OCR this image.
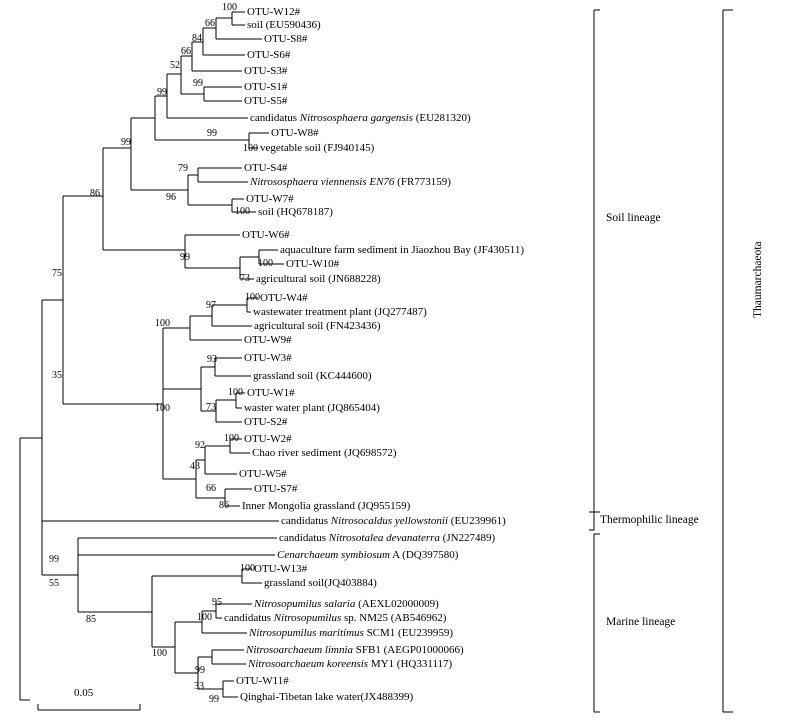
OTU-W12#
soil (EU590436)
OTU-S8#
OTU-S6#
OTU-S3#
OTU-S1#
OTU-S5#
candidatus Nitrososphaera gargensis (EU281320)
OTU-W8#
vegetable soil (FJ940145)
OTU-S4#
Nitrososphaera viennensis EN76 (FR773159)
OTU-W7#
soil (HQ678187)
OTU-W6#
aquaculture farm sediment in Jiaozhou Bay (JF430511)
OTU-W10#
agricultural soil (JN688228)
OTU-W4#
wastewater treatment plant (JQ277487)
agricultural soil (FN423436)
OTU-W9#
OTU-W3#
grassland soil (KC444600)
OTU-W1#
waster water plant (JQ865404)
OTU-S2#
OTU-W2#
Chao river sediment (JQ698572)
OTU-W5#
OTU-S7#
Inner Mongolia grassland (JQ955159)
candidatus Nitrosocaldus yellowstonii (EU239961)
candidatus Nitrosotalea devanaterra (JN227489)
Cenarchaeum symbiosum A (DQ397580)
OTU-W13#
grassland soil(JQ403884)
Nitrosopumilus salaria (AEXL02000009)
candidatus Nitrosopumilus sp. NM25 (AB546962)
Nitrosopumilus maritimus SCM1 (EU239959)
Nitrosoarchaeum limnia SFB1 (AEGP01000066)
Nitrosoarchaeum koreensis MY1 (HQ331117)
OTU-W11#
Qinghai-Tibetan lake water(JX488399)
100
66
84
66
52
99
99
99
100
99
79
96
100
86
99
100
73
75
100
97
100
93
100
100	73
35
92
100
43
66
86
99
55
100
85
95
100
100
99
33
99
Soil lineage
Thermophilic lineage
Marine lineage
Thaumarchaeota
0.05
